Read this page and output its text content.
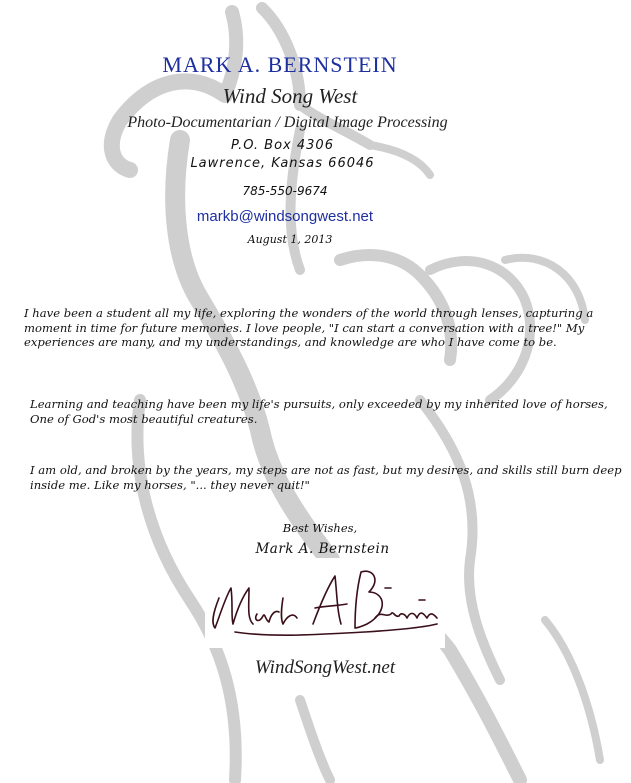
MARK A. BERNSTEIN
Wind Song West
Photo-Documentarian / Digital Image Processing
P.O. Box 4306
Lawrence, Kansas 66046
785-550-9674
markb@windsongwest.net
August 1, 2013
I have been a student all my life, exploring the wonders of the world through lenses, capturing a moment in time for future memories. I love people, "I can start a conversation with a tree!" My experiences are many, and my understandings, and knowledge are who I have come to be.
Learning and teaching have been my life's pursuits, only exceeded by my inherited love of horses, One of God's most beautiful creatures.
I am old, and broken by the years, my steps are not as fast, but my desires, and skills still burn deep inside me. Like my horses, "... they never quit!"
Best Wishes,
Mark A. Bernstein
WindSongWest.net
